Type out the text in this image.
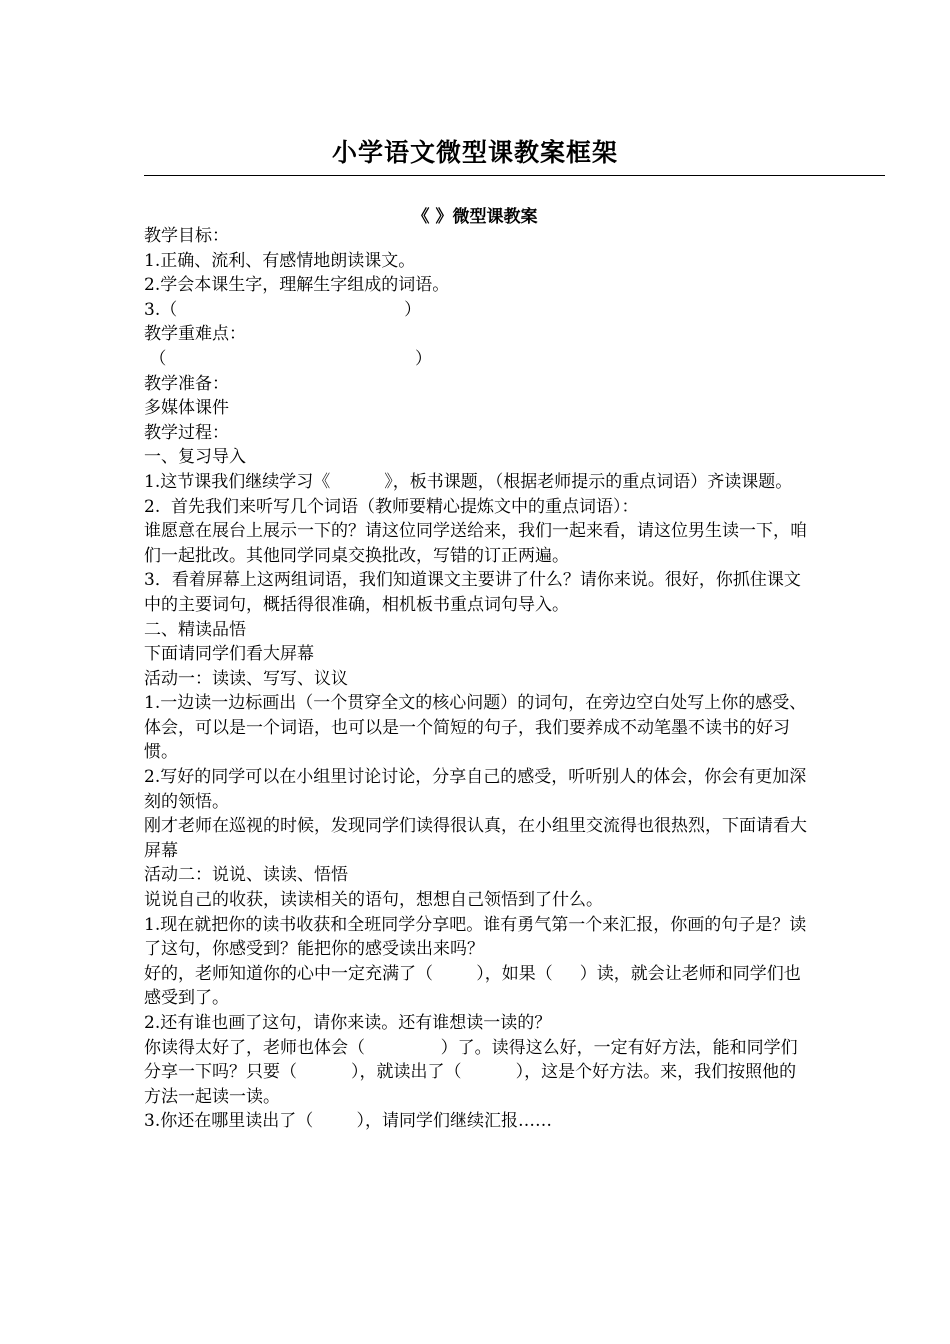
小学语文微型课教案框架
《 》微型课教案
教学目标：
1.正确、流利、有感情地朗读课文。
2.学会本课生字，理解生字组成的词语。
3.（                                          ）
教学重难点：
（                                              ）
教学准备：
多媒体课件
教学过程：
一、复习导入
1.这节课我们继续学习《          》，板书课题，（根据老师提示的重点词语）齐读课题。
2.  首先我们来听写几个词语（教师要精心提炼文中的重点词语）：
谁愿意在展台上展示一下的？请这位同学送给来，我们一起来看，请这位男生读一下，咱们一起批改。其他同学同桌交换批改，写错的订正两遍。
3．看着屏幕上这两组词语，我们知道课文主要讲了什么？请你来说。很好，你抓住课文中的主要词句，概括得很准确，相机板书重点词句导入。
二、精读品悟
下面请同学们看大屏幕
活动一：读读、写写、议议
1.一边读一边标画出（一个贯穿全文的核心问题）的词句，在旁边空白处写上你的感受、体会，可以是一个词语，也可以是一个简短的句子，我们要养成不动笔墨不读书的好习惯。
2.写好的同学可以在小组里讨论讨论，分享自己的感受，听听别人的体会，你会有更加深刻的领悟。
刚才老师在巡视的时候，发现同学们读得很认真，在小组里交流得也很热烈，下面请看大屏幕
活动二：说说、读读、悟悟
说说自己的收获，读读相关的语句，想想自己领悟到了什么。
1.现在就把你的读书收获和全班同学分享吧。谁有勇气第一个来汇报，你画的句子是？读了这句，你感受到？能把你的感受读出来吗？
好的，老师知道你的心中一定充满了（        ），如果（     ）读，就会让老师和同学们也感受到了。
2.还有谁也画了这句，请你来读。还有谁想读一读的？
你读得太好了，老师也体会（              ）了。读得这么好，一定有好方法，能和同学们分享一下吗？只要（          ），就读出了（          ），这是个好方法。来，我们按照他的方法一起读一读。
3.你还在哪里读出了（        ），请同学们继续汇报……
